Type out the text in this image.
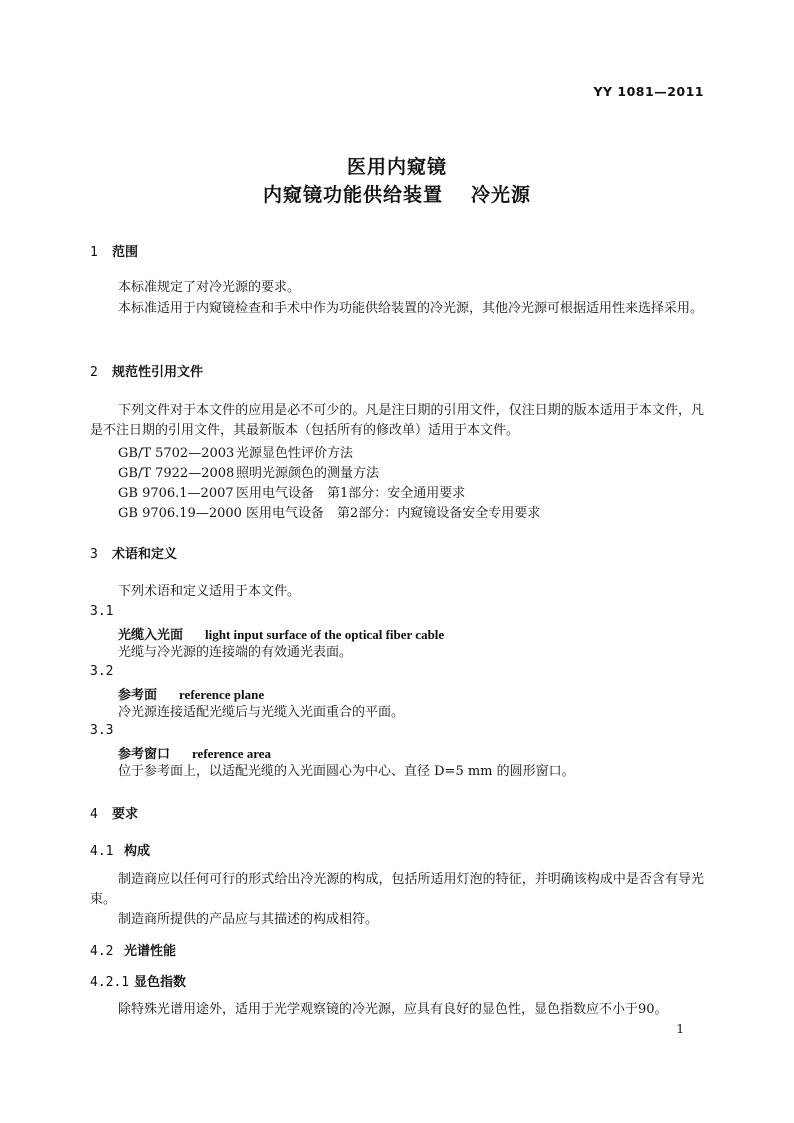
YY 1081—2011
医用内窥镜
内窥镜功能供给装置 冷光源
1 范围
本标准规定了对冷光源的要求。
本标准适用于内窥镜检查和手术中作为功能供给装置的冷光源，其他冷光源可根据适用性来选择采用。
2 规范性引用文件
下列文件对于本文件的应用是必不可少的。凡是注日期的引用文件，仅注日期的版本适用于本文件，凡是不注日期的引用文件，其最新版本（包括所有的修改单）适用于本文件。
GB/T 5702—2003 光源显色性评价方法
GB/T 7922—2008 照明光源颜色的测量方法
GB 9706.1—2007 医用电气设备　第1部分：安全通用要求
GB 9706.19—2000 医用电气设备　第2部分：内窥镜设备安全专用要求
3 术语和定义
下列术语和定义适用于本文件。
3.1
光缆入光面 light input surface of the optical fiber cable
光缆与冷光源的连接端的有效通光表面。
3.2
参考面 reference plane
冷光源连接适配光缆后与光缆入光面重合的平面。
3.3
参考窗口 reference area
位于参考面上，以适配光缆的入光面圆心为中心、直径 D=5 mm 的圆形窗口。
4 要求
4.1 构成
制造商应以任何可行的形式给出冷光源的构成，包括所适用灯泡的特征，并明确该构成中是否含有导光束。
制造商所提供的产品应与其描述的构成相符。
4.2 光谱性能
4.2.1 显色指数
除特殊光谱用途外，适用于光学观察镜的冷光源，应具有良好的显色性，显色指数应不小于90。
1
